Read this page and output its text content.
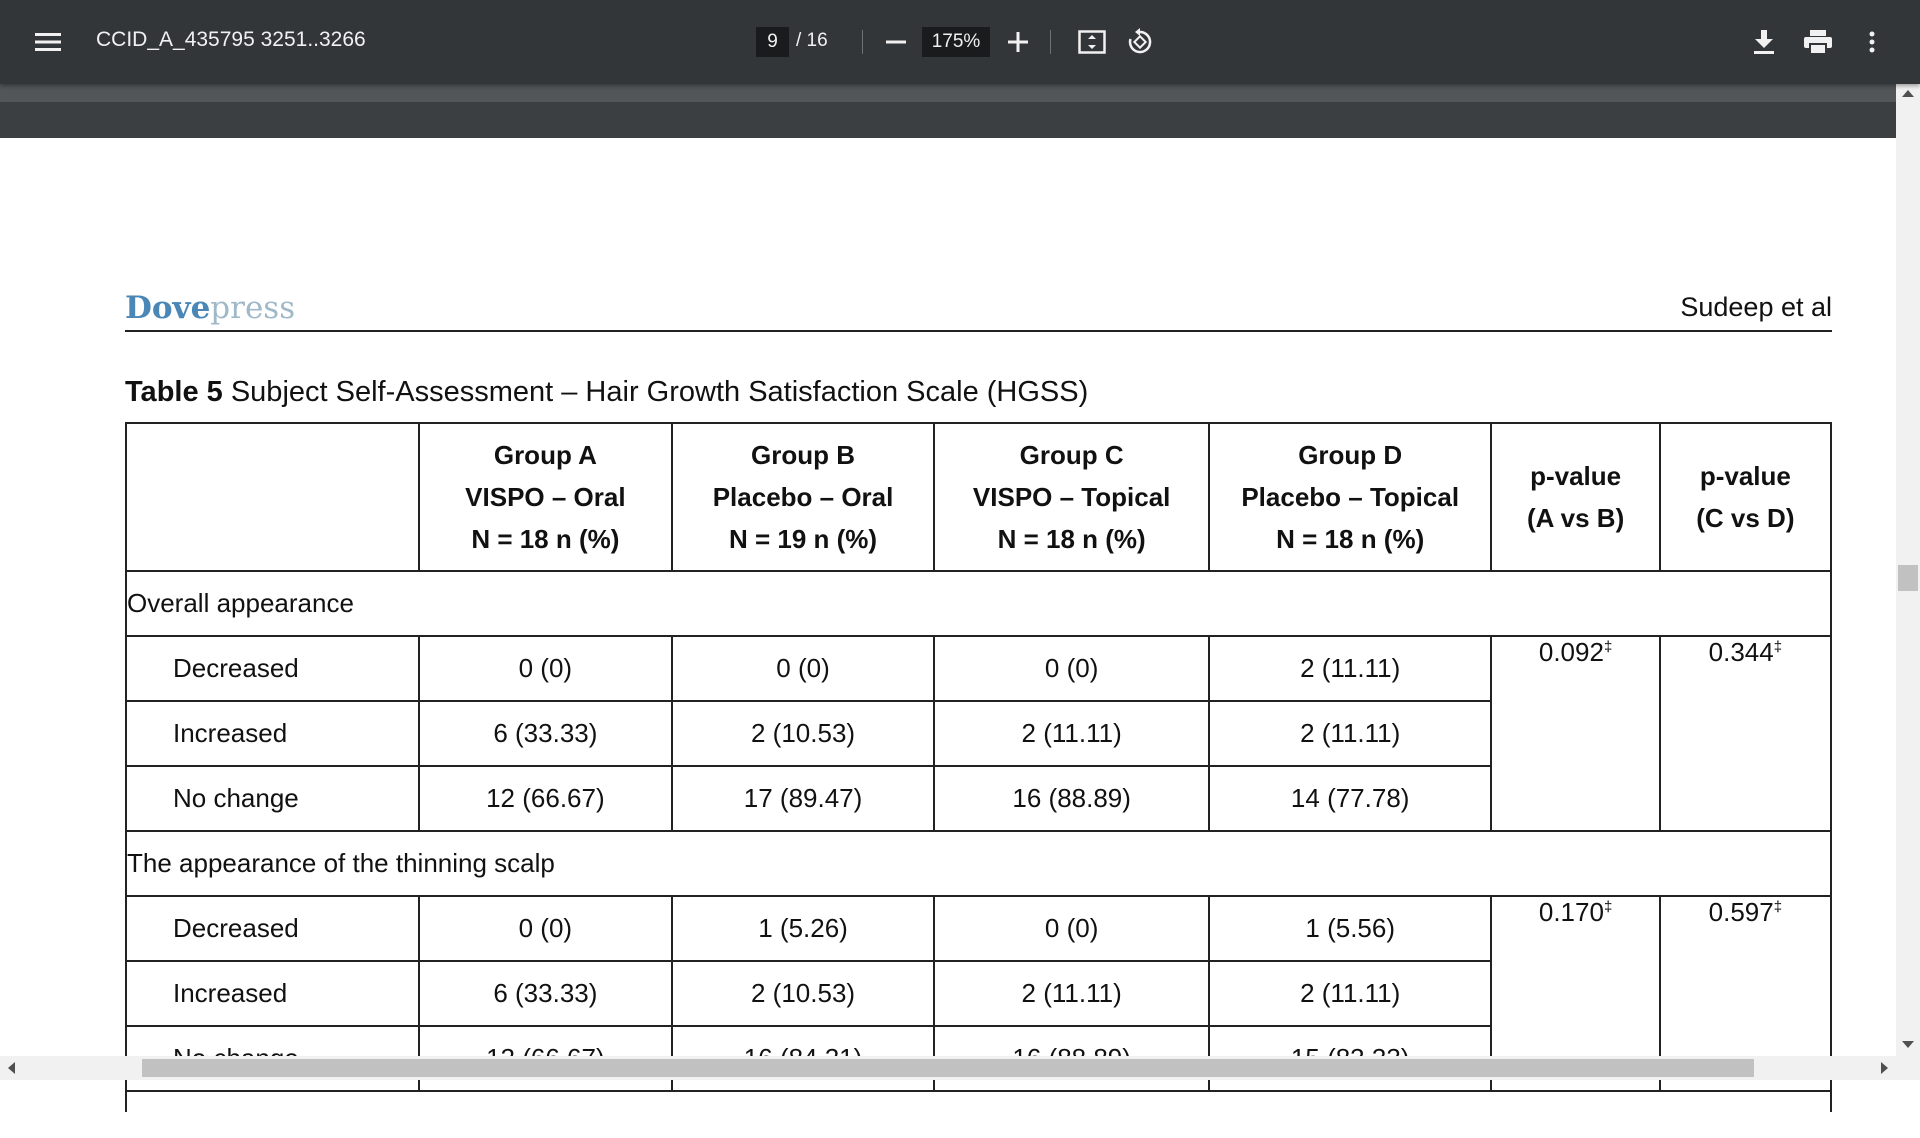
CCID_A_435795 3251..3266	9 / 16	175%
Dovepress	Sudeep et al
Table 5 Subject Self-Assessment – Hair Growth Satisfaction Scale (HGSS)
	Group A
VISPO – Oral
N = 18 n (%)	Group B
Placebo – Oral
N = 19 n (%)	Group C
VISPO – Topical
N = 18 n (%)	Group D
Placebo – Topical
N = 18 n (%)	p-value
(A vs B)	p-value
(C vs D)
Overall appearance						
Decreased	0 (0)	0 (0)	0 (0)	2 (11.11)	0.092‡	0.344‡
Increased	6 (33.33)	2 (10.53)	2 (11.11)	2 (11.11)		
No change	12 (66.67)	17 (89.47)	16 (88.89)	14 (77.78)		
The appearance of the thinning scalp						
Decreased	0 (0)	1 (5.26)	0 (0)	1 (5.56)	0.170‡	0.597‡
Increased	6 (33.33)	2 (10.53)	2 (11.11)	2 (11.11)		
